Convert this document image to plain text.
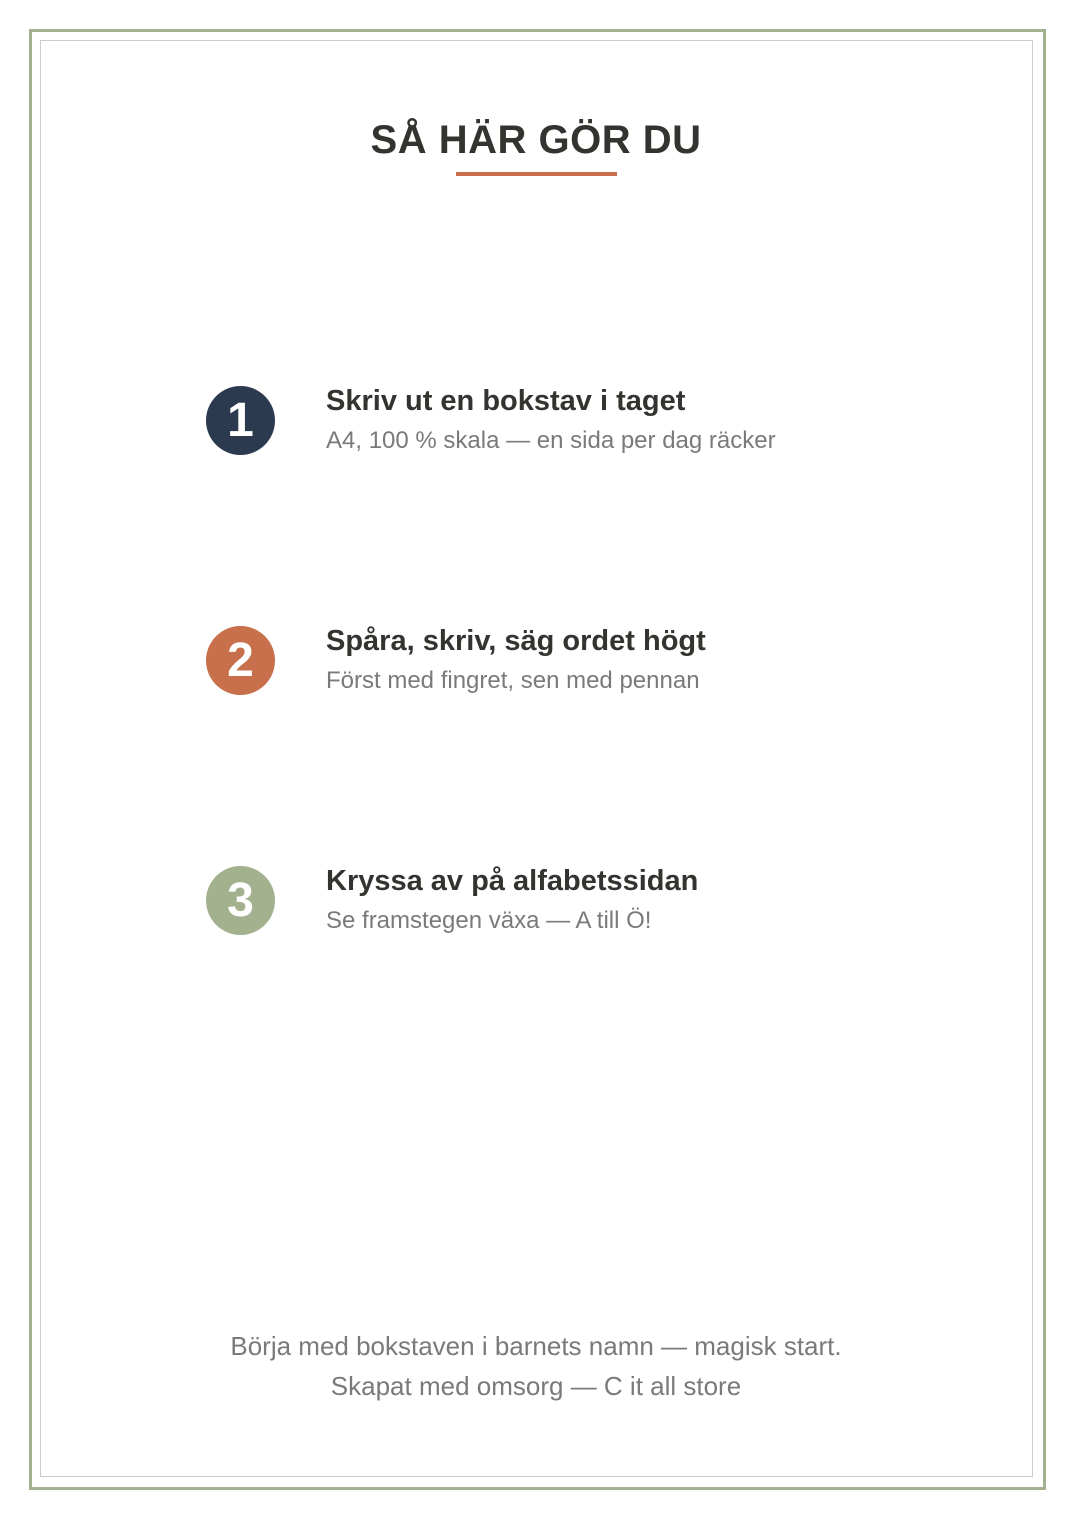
SÅ HÄR GÖR DU
1	Skriv ut en bokstav i taget
A4, 100 % skala — en sida per dag räcker
2	Spåra, skriv, säg ordet högt
Först med fingret, sen med pennan
3	Kryssa av på alfabetssidan
Se framstegen växa — A till Ö!
Börja med bokstaven i barnets namn — magisk start.
Skapat med omsorg — C it all store
